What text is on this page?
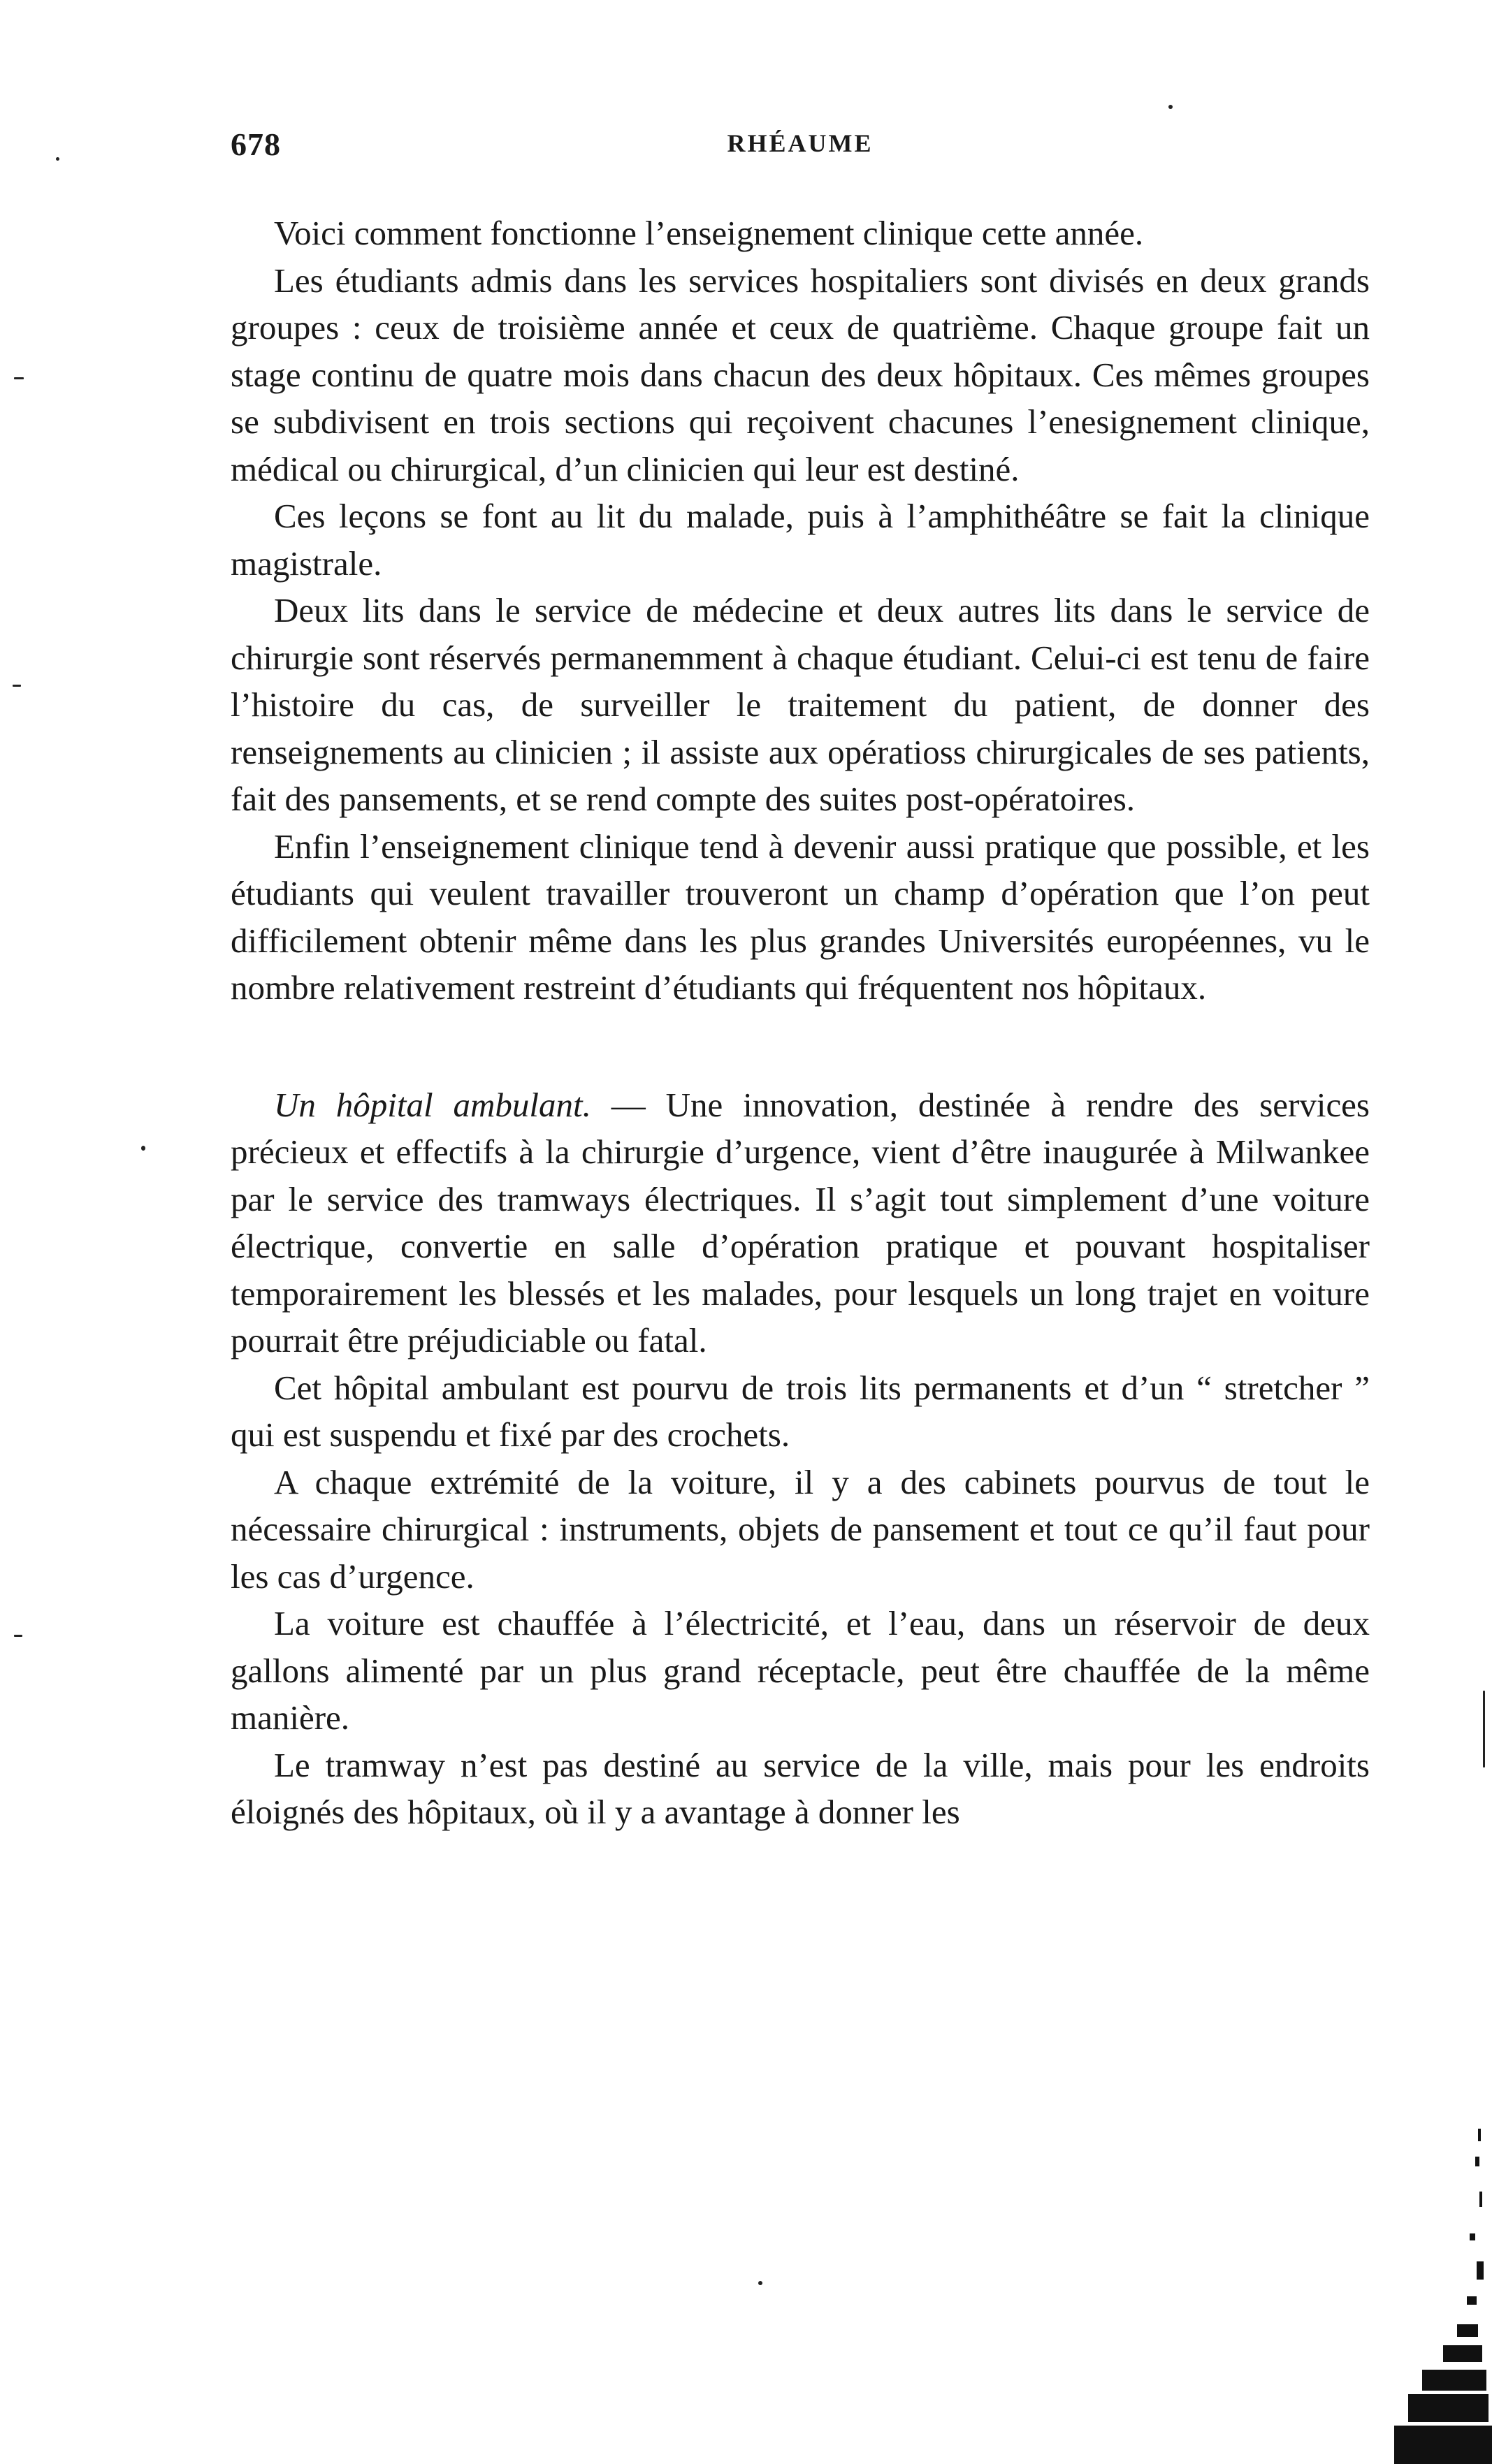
678	RHÉAUME

Voici comment fonctionne l’enseignement clinique cette année.

Les étudiants admis dans les services hospitaliers sont divisés en deux grands groupes : ceux de troisième année et ceux de quatrième. Chaque groupe fait un stage continu de quatre mois dans chacun des deux hôpitaux. Ces mêmes groupes se subdivisent en trois sections qui reçoivent chacunes l’enesignement clinique, médical ou chirurgical, d’un clinicien qui leur est destiné.

Ces leçons se font au lit du malade, puis à l’amphithéâtre se fait la clinique magistrale.

Deux lits dans le service de médecine et deux autres lits dans le service de chirurgie sont réservés permanemment à chaque étudiant. Celui-ci est tenu de faire l’histoire du cas, de surveiller le traitement du patient, de donner des renseignements au clinicien ; il assiste aux opératioss chirurgicales de ses patients, fait des pansements, et se rend compte des suites post-opératoires.

Enfin l’enseignement clinique tend à devenir aussi pratique que possible, et les étudiants qui veulent travailler trouveront un champ d’opération que l’on peut difficilement obtenir même dans les plus grandes Universités européennes, vu le nombre relativement restreint d’étudiants qui fréquentent nos hôpitaux.

Un hôpital ambulant. — Une innovation, destinée à rendre des services précieux et effectifs à la chirurgie d’urgence, vient d’être inaugurée à Milwankee par le service des tramways électriques. Il s’agit tout simplement d’une voiture électrique, convertie en salle d’opération pratique et pouvant hospitaliser temporairement les blessés et les malades, pour lesquels un long trajet en voiture pourrait être préjudiciable ou fatal.

Cet hôpital ambulant est pourvu de trois lits permanents et d’un “ stretcher ” qui est suspendu et fixé par des crochets.

A chaque extrémité de la voiture, il y a des cabinets pourvus de tout le nécessaire chirurgical : instruments, objets de pansement et tout ce qu’il faut pour les cas d’urgence.

La voiture est chauffée à l’électricité, et l’eau, dans un réservoir de deux gallons alimenté par un plus grand réceptacle, peut être chauffée de la même manière.

Le tramway n’est pas destiné au service de la ville, mais pour les endroits éloignés des hôpitaux, où il y a avantage à donner les
